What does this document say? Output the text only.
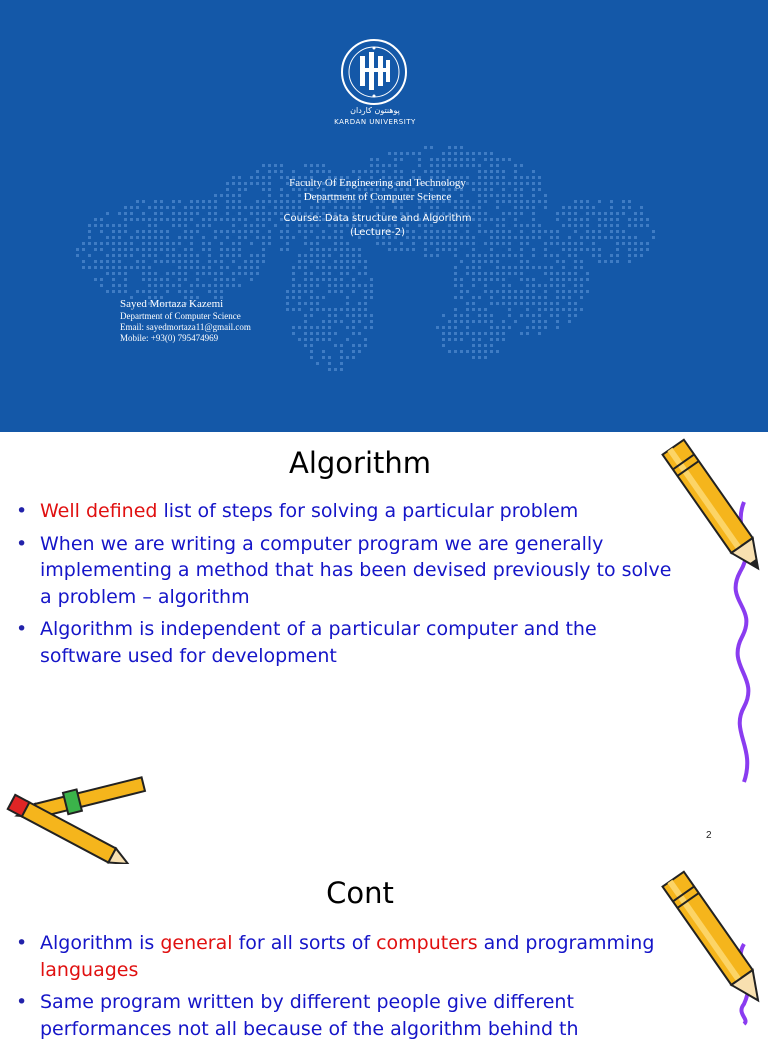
پوهنتون کاردان
KARDAN UNIVERSITY
Faculty Of Engineering and Technology
Department of Computer Science
Course: Data structure and Algorithm
(Lecture-2)
Sayed Mortaza Kazemi
Department of Computer Science
Email: sayedmortaza11@gmail.com
Mobile: +93(0) 795474969
Algorithm
• Well defined list of steps for solving a particular problem
• When we are writing a computer program we are generally implementing a method that has been devised previously to solve a problem – algorithm
• Algorithm is independent of a particular computer and the software used for development
2
Cont
• Algorithm is general for all sorts of computers and programming languages
• Same program written by different people give different performances not all because of the algorithm behind th
